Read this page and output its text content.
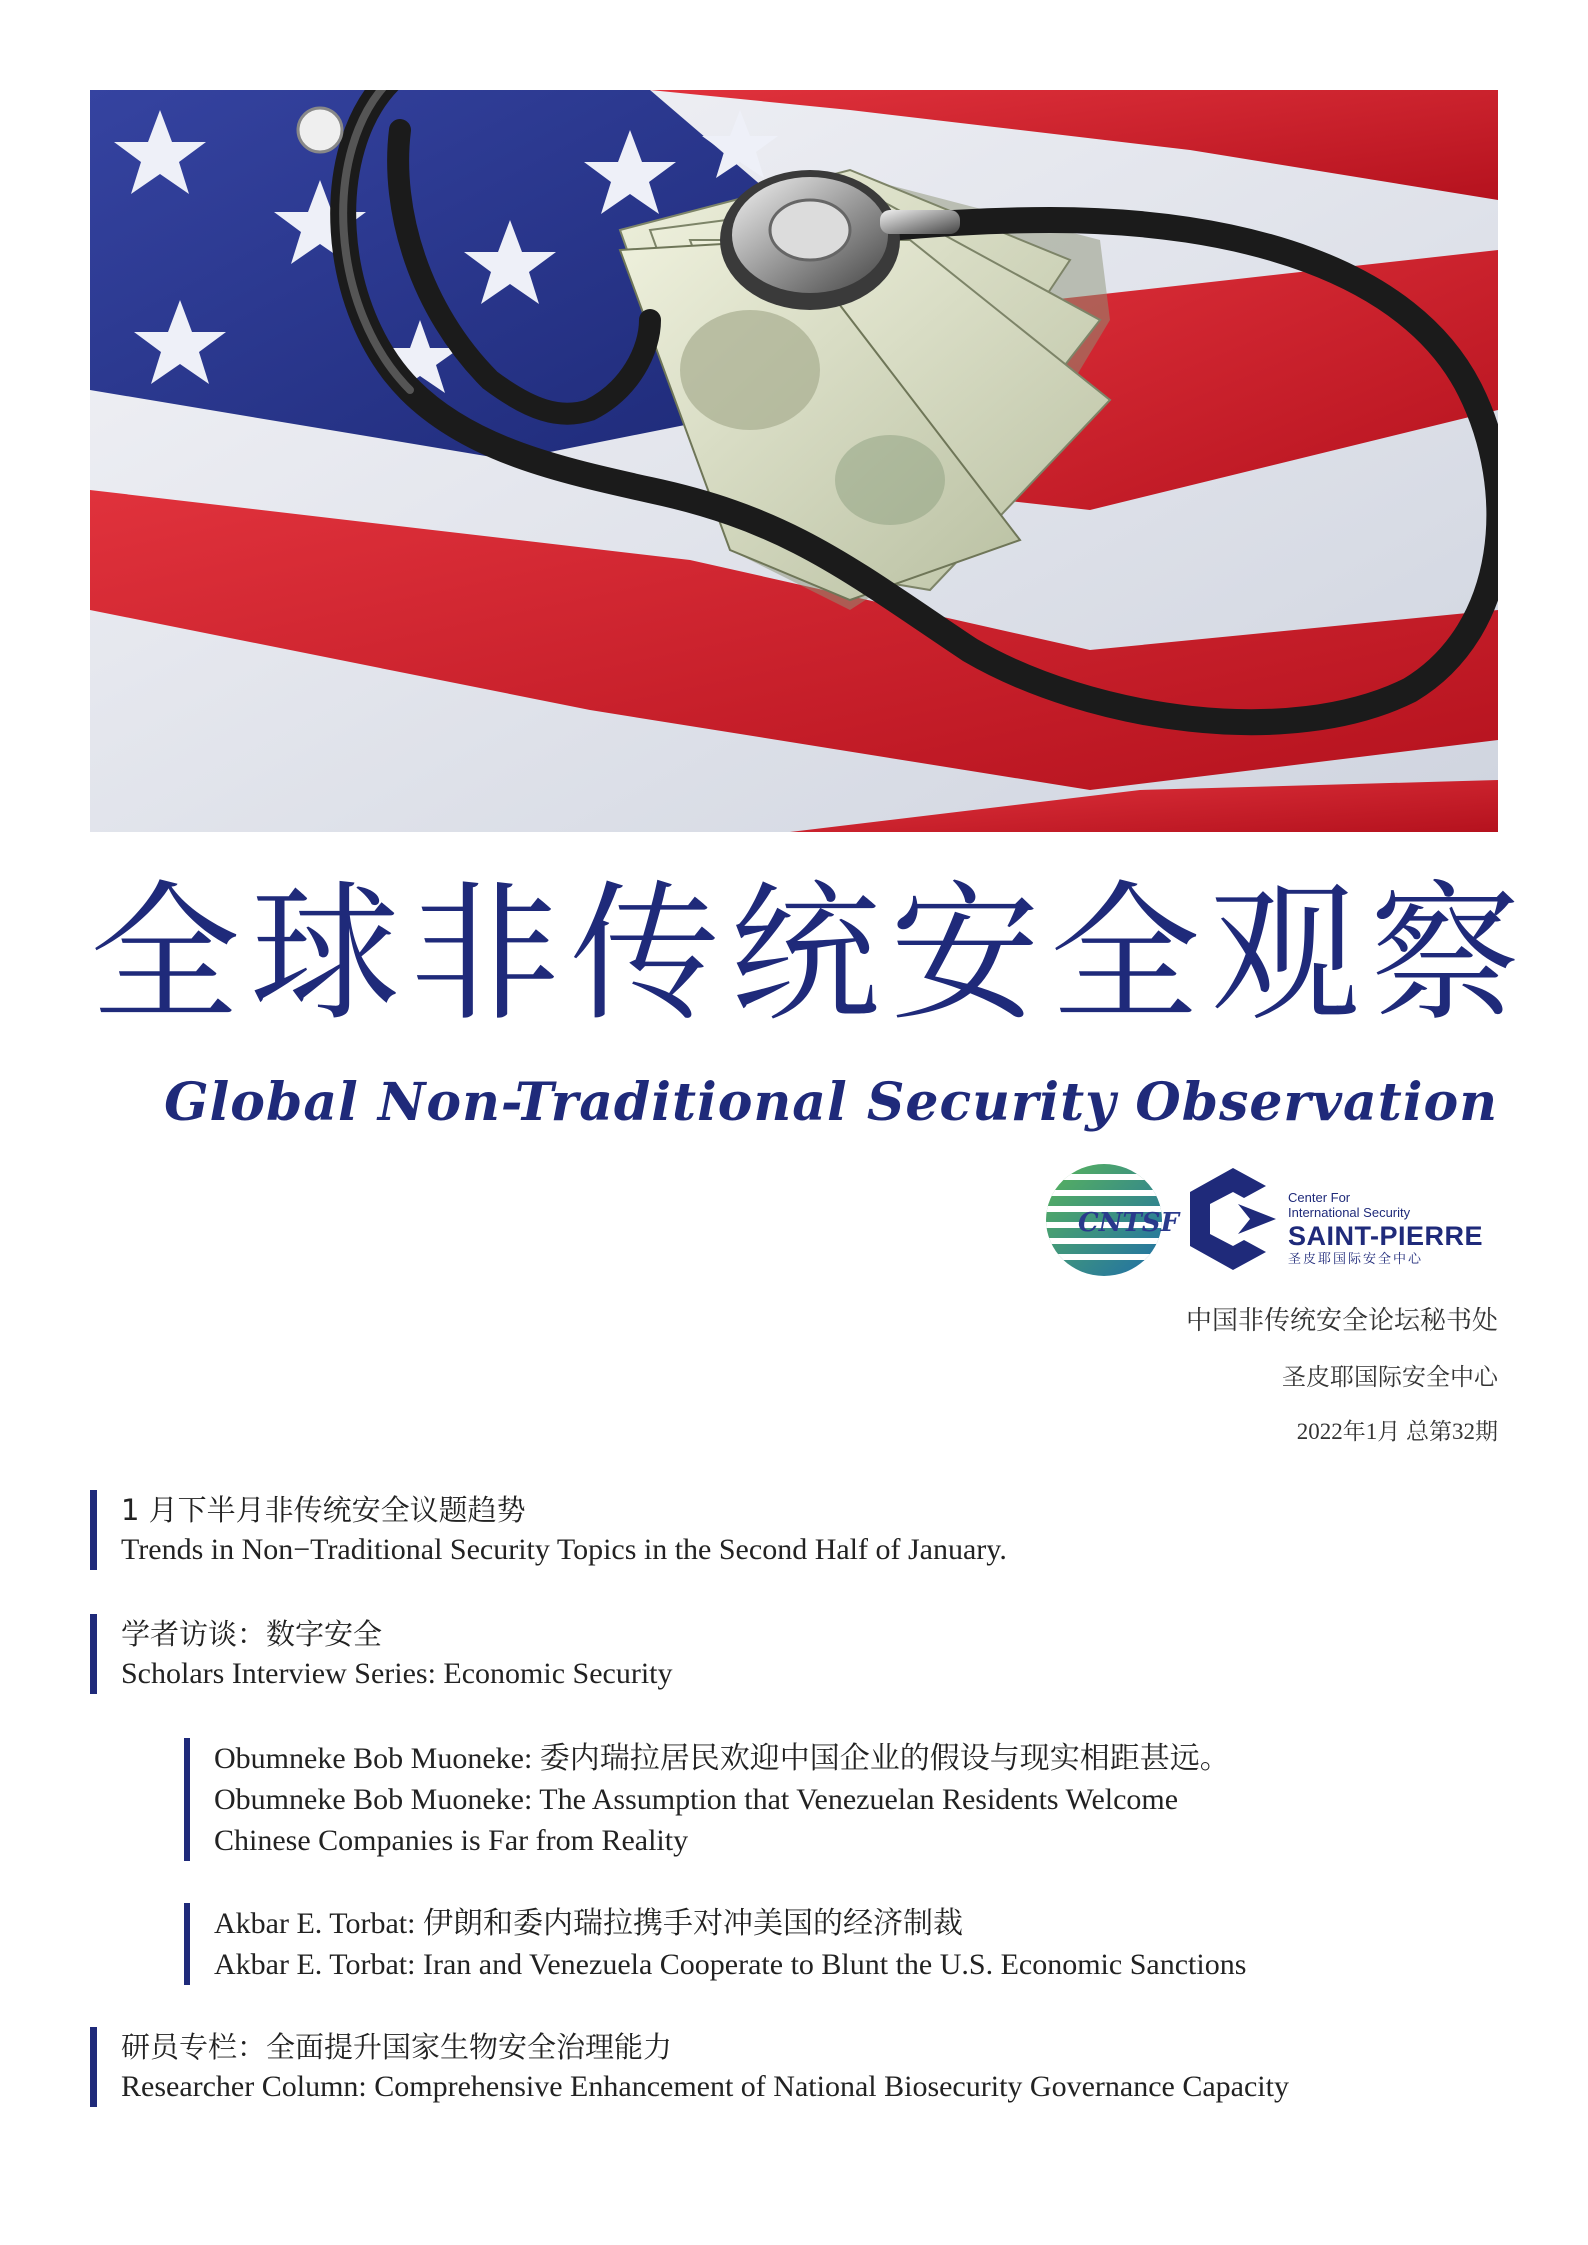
全球非传统安全观察
Global Non-Traditional Security Observation
CNTSF
Center For
International Security
SAINT-PIERRE
圣皮耶国际安全中心
中国非传统安全论坛秘书处
圣皮耶国际安全中心
2022年1月 总第32期
1 月下半月非传统安全议题趋势
Trends in Non−Traditional Security Topics in the Second Half of January.
学者访谈：数字安全
Scholars Interview Series: Economic Security
Obumneke Bob Muoneke: 委内瑞拉居民欢迎中国企业的假设与现实相距甚远。
Obumneke Bob Muoneke: The Assumption that Venezuelan Residents Welcome
Chinese Companies is Far from Reality
Akbar E. Torbat: 伊朗和委内瑞拉携手对冲美国的经济制裁
Akbar E. Torbat: Iran and Venezuela Cooperate to Blunt the U.S. Economic Sanctions
研员专栏：全面提升国家生物安全治理能力
Researcher Column: Comprehensive Enhancement of National Biosecurity Governance Capacity
